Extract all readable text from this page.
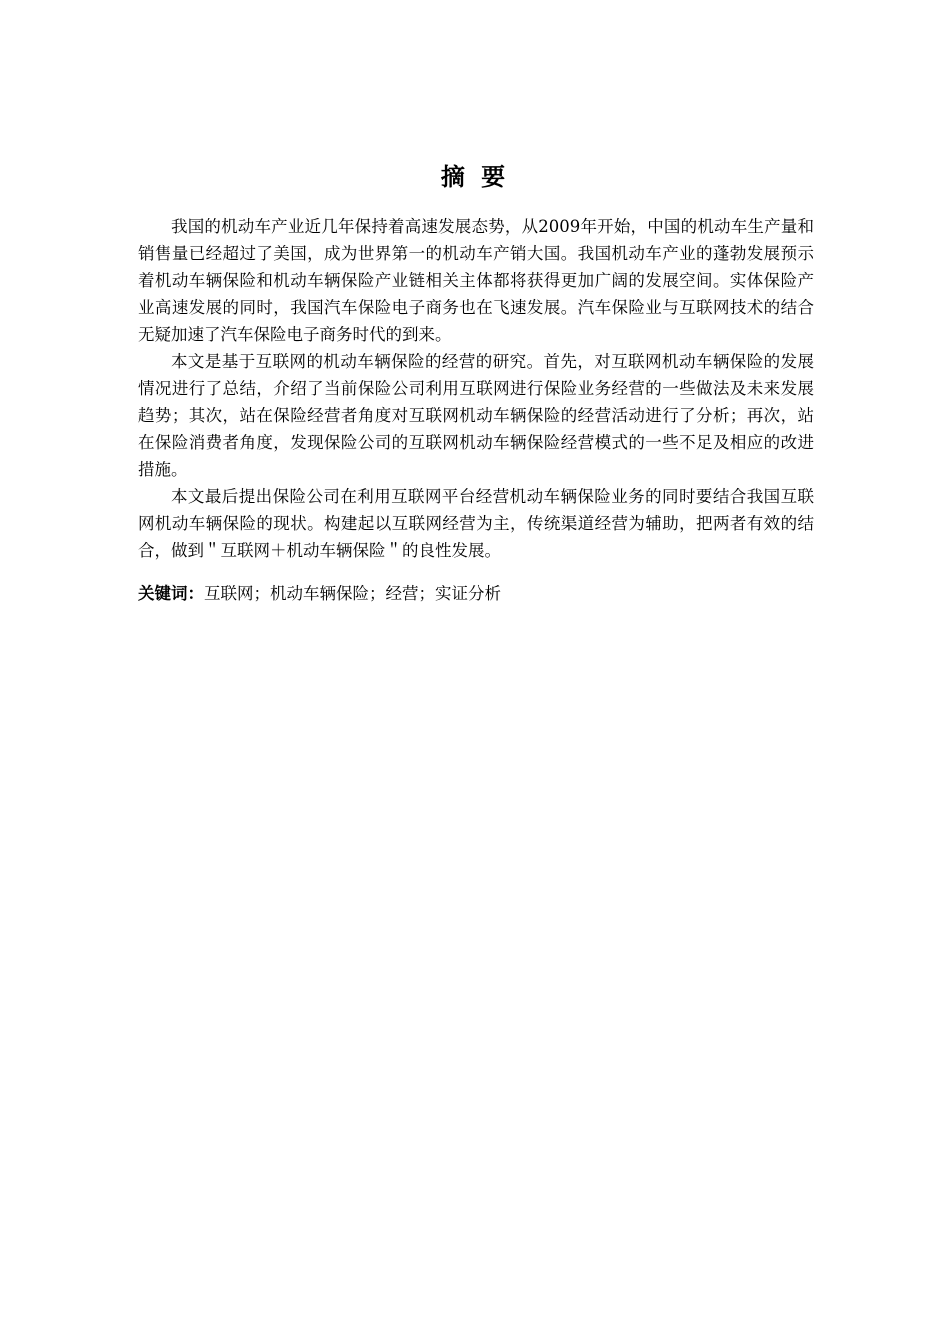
摘 要

我国的机动车产业近几年保持着高速发展态势，从2009年开始，中国的机动车生产量和销售量已经超过了美国，成为世界第一的机动车产销大国。我国机动车产业的蓬勃发展预示着机动车辆保险和机动车辆保险产业链相关主体都将获得更加广阔的发展空间。实体保险产业高速发展的同时，我国汽车保险电子商务也在飞速发展。汽车保险业与互联网技术的结合无疑加速了汽车保险电子商务时代的到来。

本文是基于互联网的机动车辆保险的经营的研究。首先，对互联网机动车辆保险的发展情况进行了总结，介绍了当前保险公司利用互联网进行保险业务经营的一些做法及未来发展趋势；其次，站在保险经营者角度对互联网机动车辆保险的经营活动进行了分析；再次，站在保险消费者角度，发现保险公司的互联网机动车辆保险经营模式的一些不足及相应的改进措施。

本文最后提出保险公司在利用互联网平台经营机动车辆保险业务的同时要结合我国互联网机动车辆保险的现状。构建起以互联网经营为主，传统渠道经营为辅助，把两者有效的结合，做到＂互联网＋机动车辆保险＂的良性发展。

关键词：互联网；机动车辆保险；经营；实证分析
